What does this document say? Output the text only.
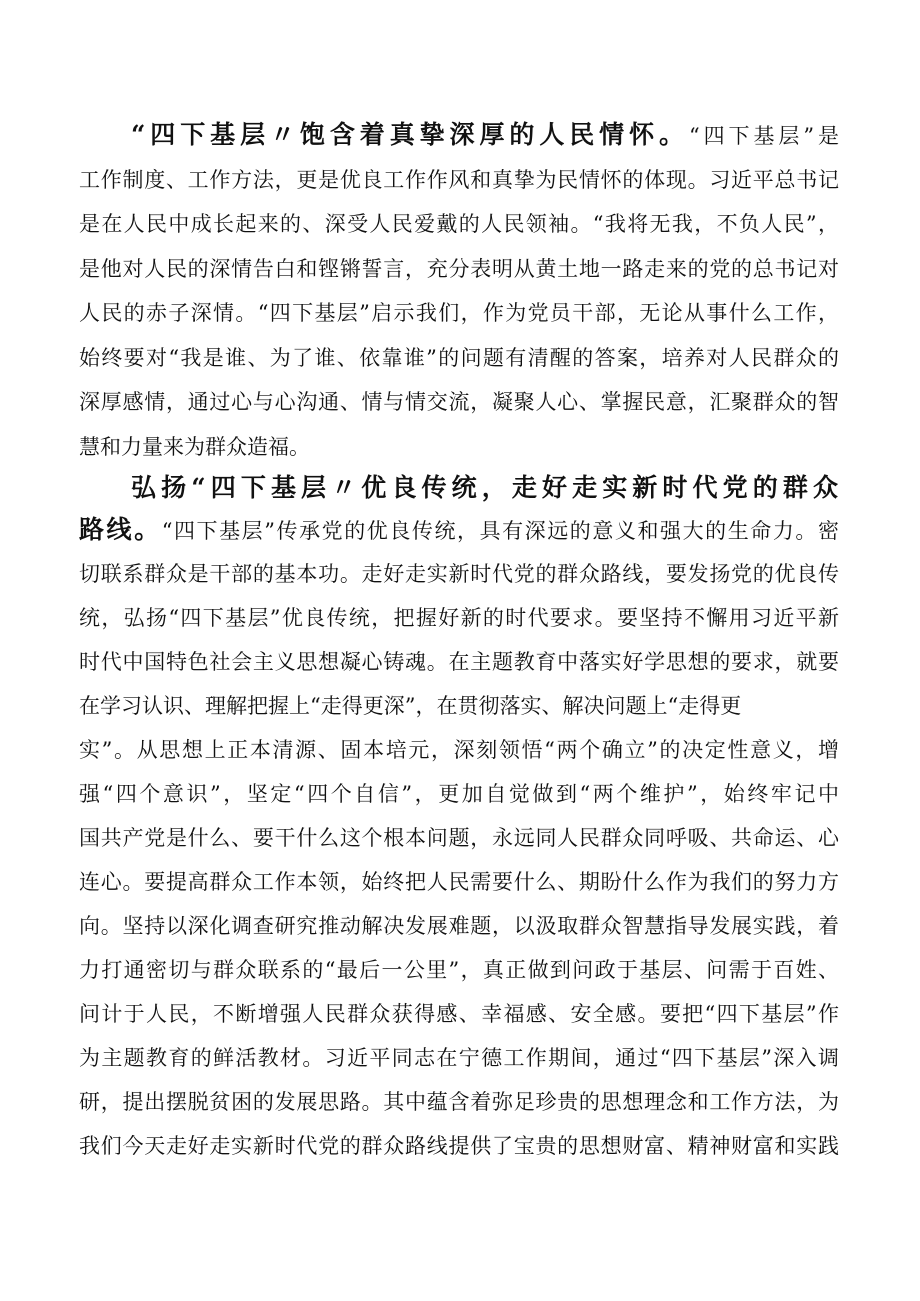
“四下基层〃饱含着真挚深厚的人民情怀。“四下基层”是
工作制度、工作方法，更是优良工作作风和真挚为民情怀的体现。习近平总书记
是在人民中成长起来的、深受人民爱戴的人民领袖。“我将无我，不负人民”，
是他对人民的深情告白和铿锵誓言，充分表明从黄土地一路走来的党的总书记对
人民的赤子深情。“四下基层”启示我们，作为党员干部，无论从事什么工作，
始终要对“我是谁、为了谁、依靠谁”的问题有清醒的答案，培养对人民群众的
深厚感情，通过心与心沟通、情与情交流，凝聚人心、掌握民意，汇聚群众的智
慧和力量来为群众造福。
弘扬“四下基层〃优良传统，走好走实新时代党的群众
路线。“四下基层”传承党的优良传统，具有深远的意义和强大的生命力。密
切联系群众是干部的基本功。走好走实新时代党的群众路线，要发扬党的优良传
统，弘扬“四下基层”优良传统，把握好新的时代要求。要坚持不懈用习近平新
时代中国特色社会主义思想凝心铸魂。在主题教育中落实好学思想的要求，就要
在学习认识、理解把握上“走得更深”，在贯彻落实、解决问题上“走得更
实”。从思想上正本清源、固本培元，深刻领悟“两个确立”的决定性意义，增
强“四个意识”，坚定“四个自信”，更加自觉做到“两个维护”，始终牢记中
国共产党是什么、要干什么这个根本问题，永远同人民群众同呼吸、共命运、心
连心。要提高群众工作本领，始终把人民需要什么、期盼什么作为我们的努力方
向。坚持以深化调查研究推动解决发展难题，以汲取群众智慧指导发展实践，着
力打通密切与群众联系的“最后一公里”，真正做到问政于基层、问需于百姓、
问计于人民，不断增强人民群众获得感、幸福感、安全感。要把“四下基层”作
为主题教育的鲜活教材。习近平同志在宁德工作期间，通过“四下基层”深入调
研，提出摆脱贫困的发展思路。其中蕴含着弥足珍贵的思想理念和工作方法，为
我们今天走好走实新时代党的群众路线提供了宝贵的思想财富、精神财富和实践
